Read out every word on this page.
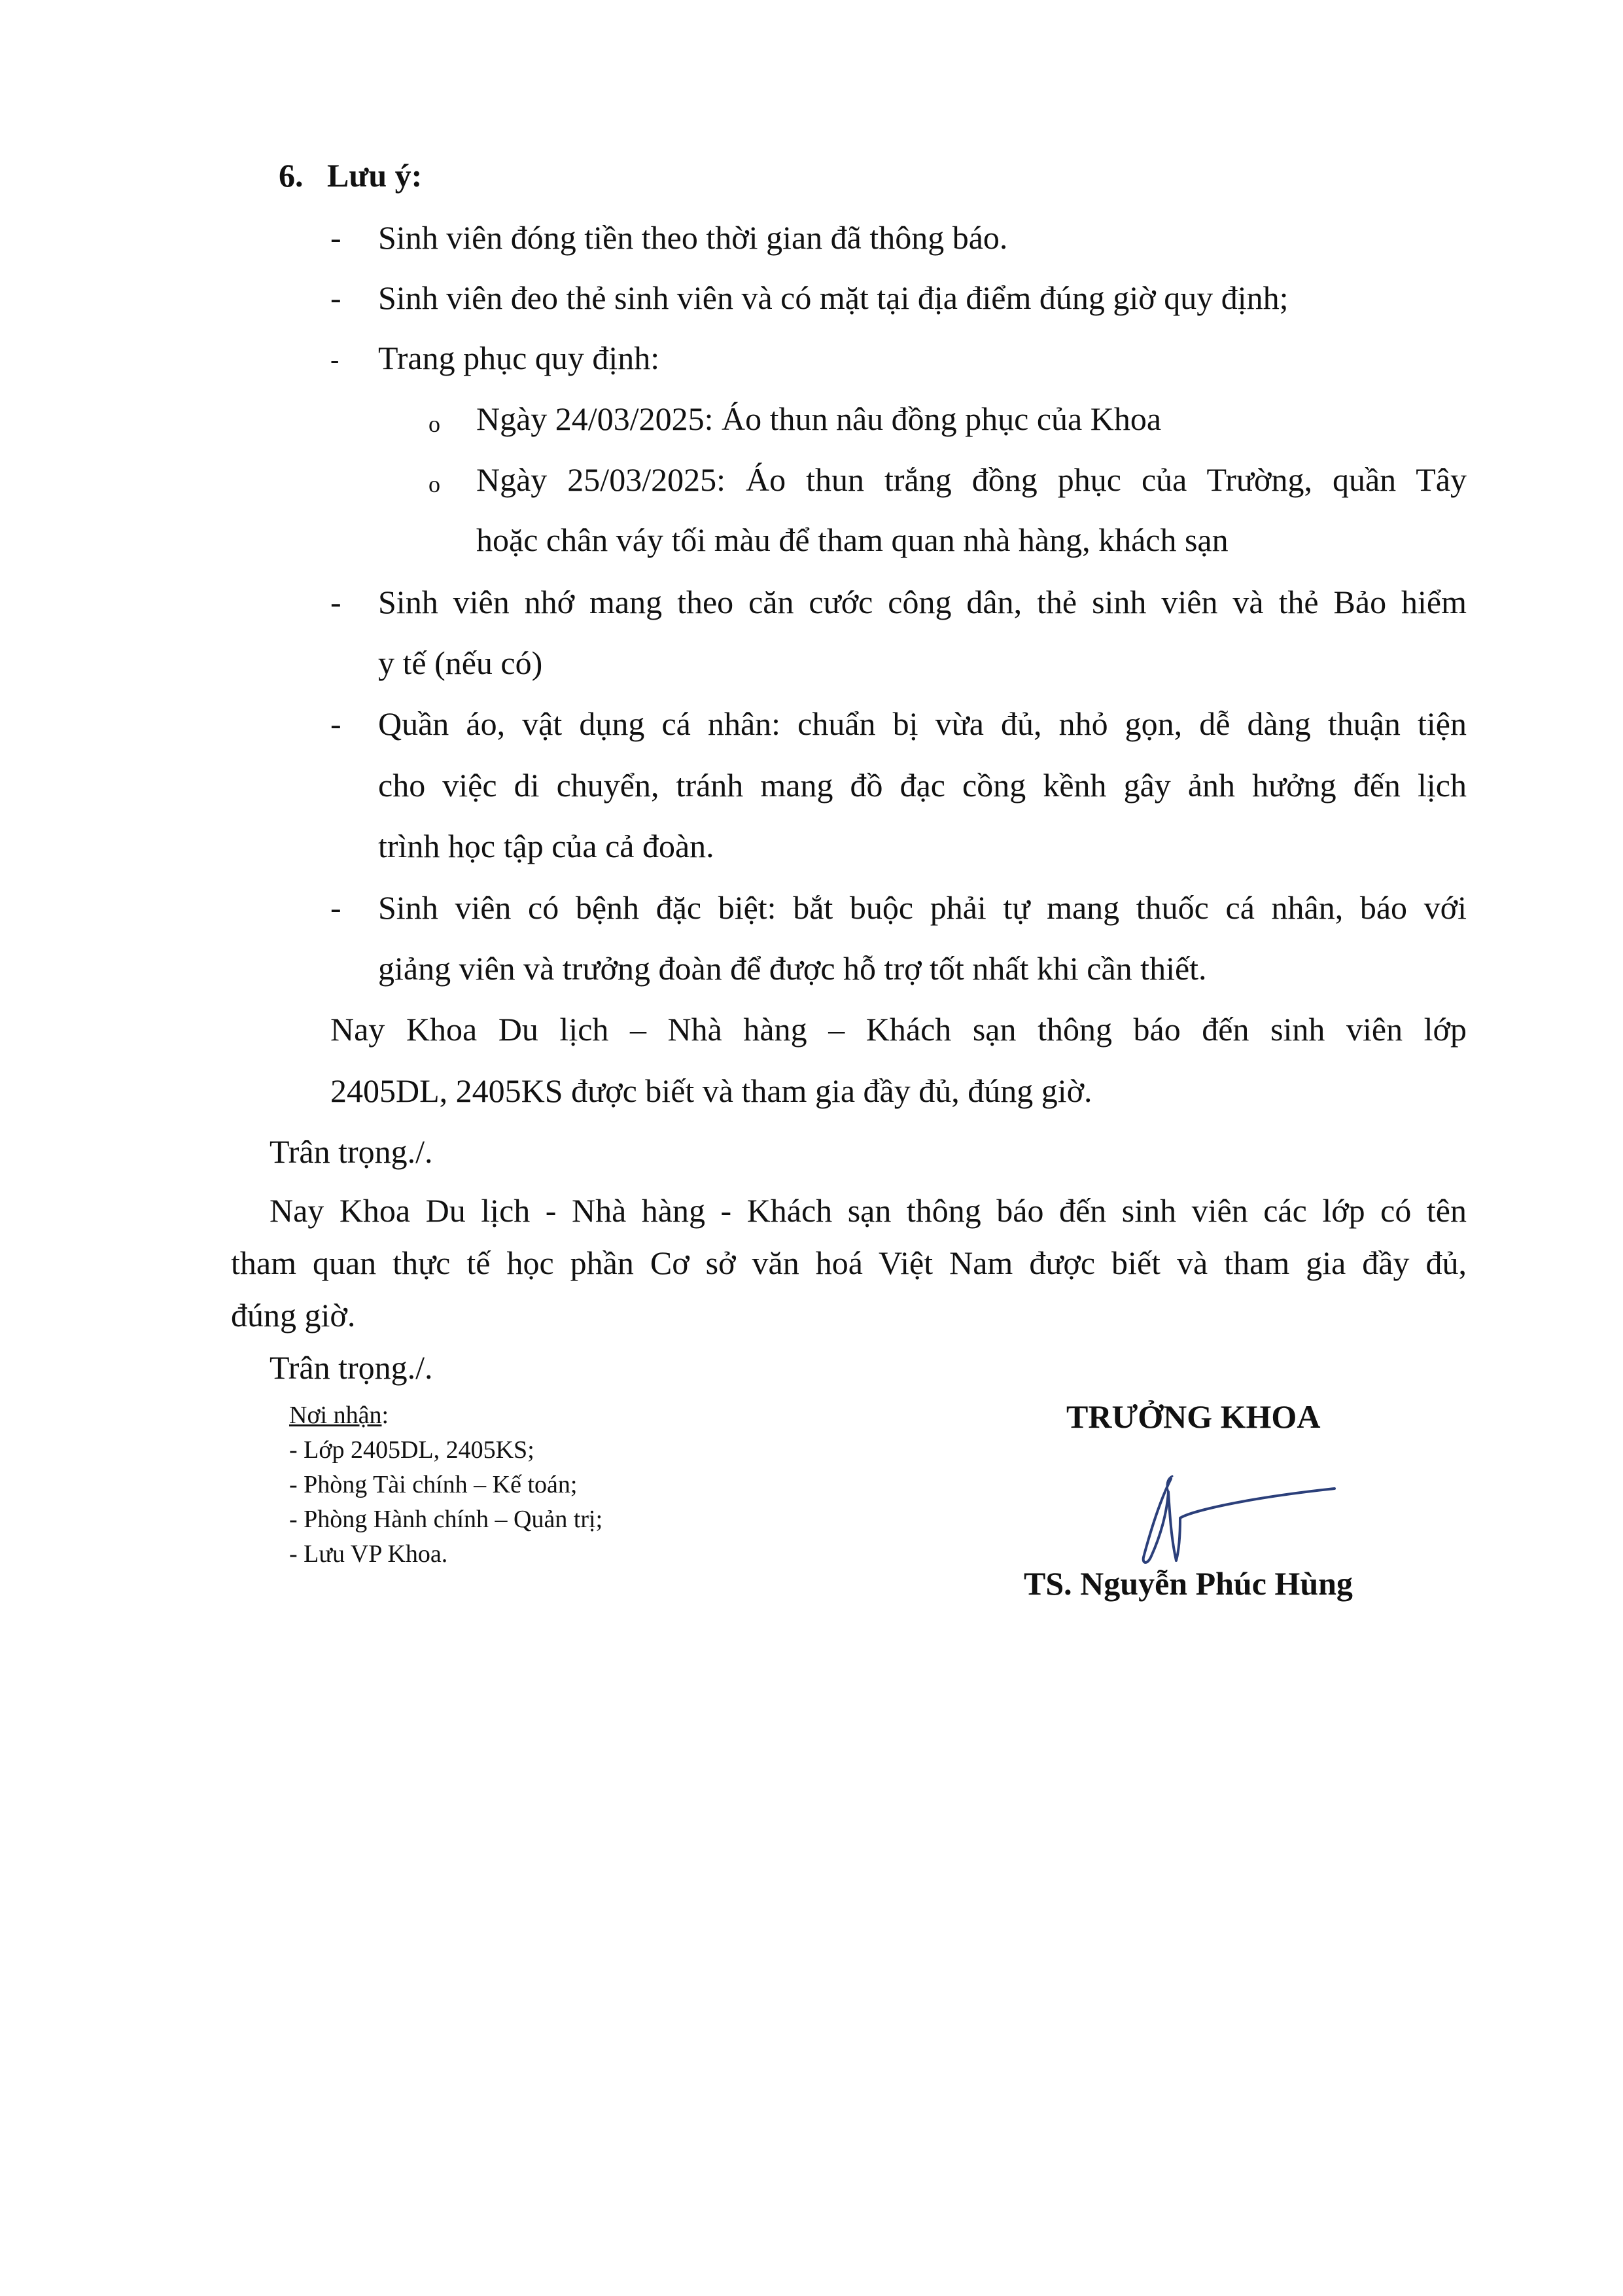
6. Lưu ý:
- Sinh viên đóng tiền theo thời gian đã thông báo.
- Sinh viên đeo thẻ sinh viên và có mặt tại địa điểm đúng giờ quy định;
- Trang phục quy định:
o Ngày 24/03/2025: Áo thun nâu đồng phục của Khoa
o Ngày 25/03/2025: Áo thun trắng đồng phục của Trường, quần Tây
hoặc chân váy tối màu để tham quan nhà hàng, khách sạn
- Sinh viên nhớ mang theo căn cước công dân, thẻ sinh viên và thẻ Bảo hiểm
y tế (nếu có)
- Quần áo, vật dụng cá nhân: chuẩn bị vừa đủ, nhỏ gọn, dễ dàng thuận tiện
cho việc di chuyển, tránh mang đồ đạc cồng kềnh gây ảnh hưởng đến lịch
trình học tập của cả đoàn.
- Sinh viên có bệnh đặc biệt: bắt buộc phải tự mang thuốc cá nhân, báo với
giảng viên và trưởng đoàn để được hỗ trợ tốt nhất khi cần thiết.
Nay Khoa Du lịch – Nhà hàng – Khách sạn thông báo đến sinh viên lớp
2405DL, 2405KS được biết và tham gia đầy đủ, đúng giờ.
Trân trọng./.
Nay Khoa Du lịch - Nhà hàng - Khách sạn thông báo đến sinh viên các lớp có tên
tham quan thực tế học phần Cơ sở văn hoá Việt Nam được biết và tham gia đầy đủ,
đúng giờ.
Trân trọng./.
Nơi nhận:
- Lớp 2405DL, 2405KS;
- Phòng Tài chính – Kế toán;
- Phòng Hành chính – Quản trị;
- Lưu VP Khoa.
TRƯỞNG KHOA
TS. Nguyễn Phúc Hùng
